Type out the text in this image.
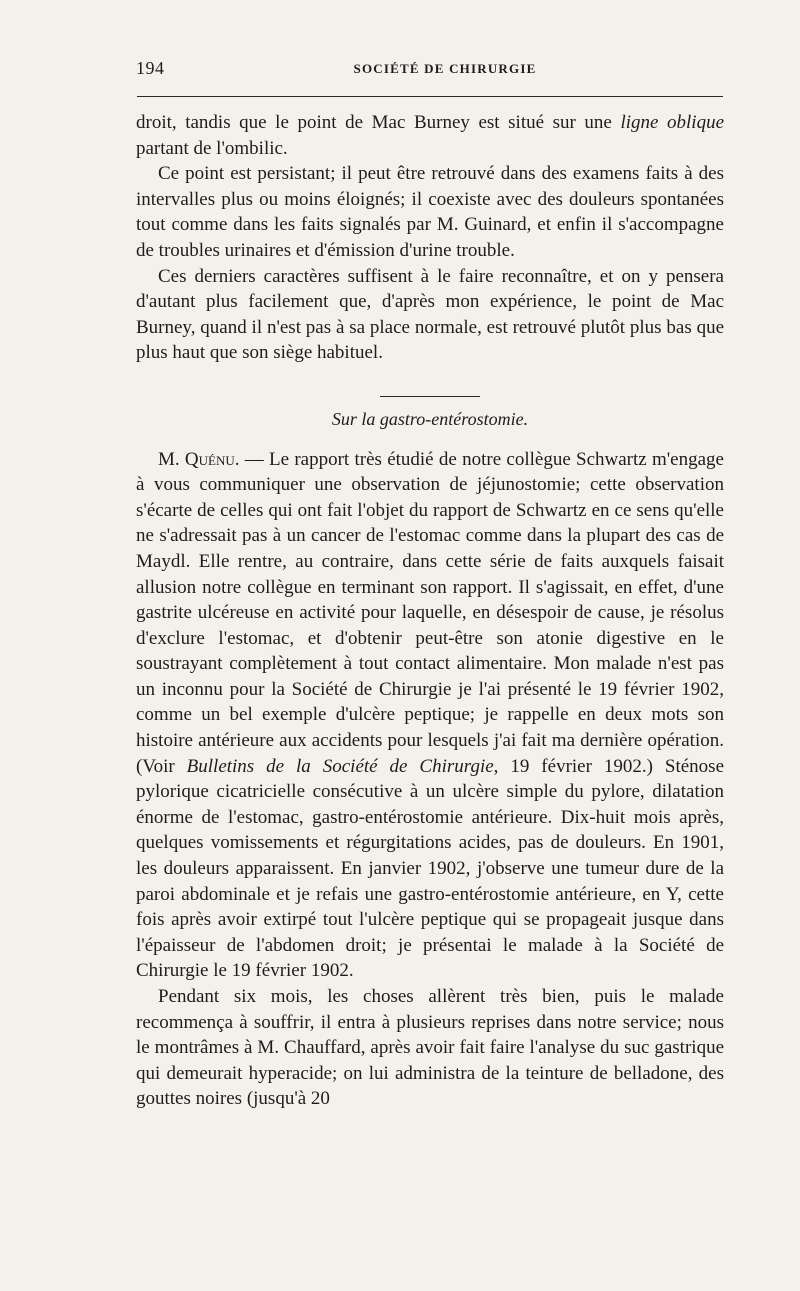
194	SOCIÉTÉ DE CHIRURGIE

droit, tandis que le point de Mac Burney est situé sur une ligne oblique partant de l'ombilic.

Ce point est persistant; il peut être retrouvé dans des examens faits à des intervalles plus ou moins éloignés; il coexiste avec des douleurs spontanées tout comme dans les faits signalés par M. Guinard, et enfin il s'accompagne de troubles urinaires et d'émission d'urine trouble.

Ces derniers caractères suffisent à le faire reconnaître, et on y pensera d'autant plus facilement que, d'après mon expérience, le point de Mac Burney, quand il n'est pas à sa place normale, est retrouvé plutôt plus bas que plus haut que son siège habituel.

Sur la gastro-entérostomie.

M. Quénu. — Le rapport très étudié de notre collègue Schwartz m'engage à vous communiquer une observation de jéjunostomie; cette observation s'écarte de celles qui ont fait l'objet du rapport de Schwartz en ce sens qu'elle ne s'adressait pas à un cancer de l'estomac comme dans la plupart des cas de Maydl. Elle rentre, au contraire, dans cette série de faits auxquels faisait allusion notre collègue en terminant son rapport. Il s'agissait, en effet, d'une gastrite ulcéreuse en activité pour laquelle, en désespoir de cause, je résolus d'exclure l'estomac, et d'obtenir peut-être son atonie digestive en le soustrayant complètement à tout contact alimentaire. Mon malade n'est pas un inconnu pour la Société de Chirurgie je l'ai présenté le 19 février 1902, comme un bel exemple d'ulcère peptique; je rappelle en deux mots son histoire antérieure aux accidents pour lesquels j'ai fait ma dernière opération. (Voir Bulletins de la Société de Chirurgie, 19 février 1902.) Sténose pylorique cicatricielle consécutive à un ulcère simple du pylore, dilatation énorme de l'estomac, gastro-entérostomie antérieure. Dix-huit mois après, quelques vomissements et régurgitations acides, pas de douleurs. En 1901, les douleurs apparaissent. En janvier 1902, j'observe une tumeur dure de la paroi abdominale et je refais une gastro-entérostomie antérieure, en Y, cette fois après avoir extirpé tout l'ulcère peptique qui se propageait jusque dans l'épaisseur de l'abdomen droit; je présentai le malade à la Société de Chirurgie le 19 février 1902.

Pendant six mois, les choses allèrent très bien, puis le malade recommença à souffrir, il entra à plusieurs reprises dans notre service; nous le montrâmes à M. Chauffard, après avoir fait faire l'analyse du suc gastrique qui demeurait hyperacide; on lui administra de la teinture de belladone, des gouttes noires (jusqu'à 20
